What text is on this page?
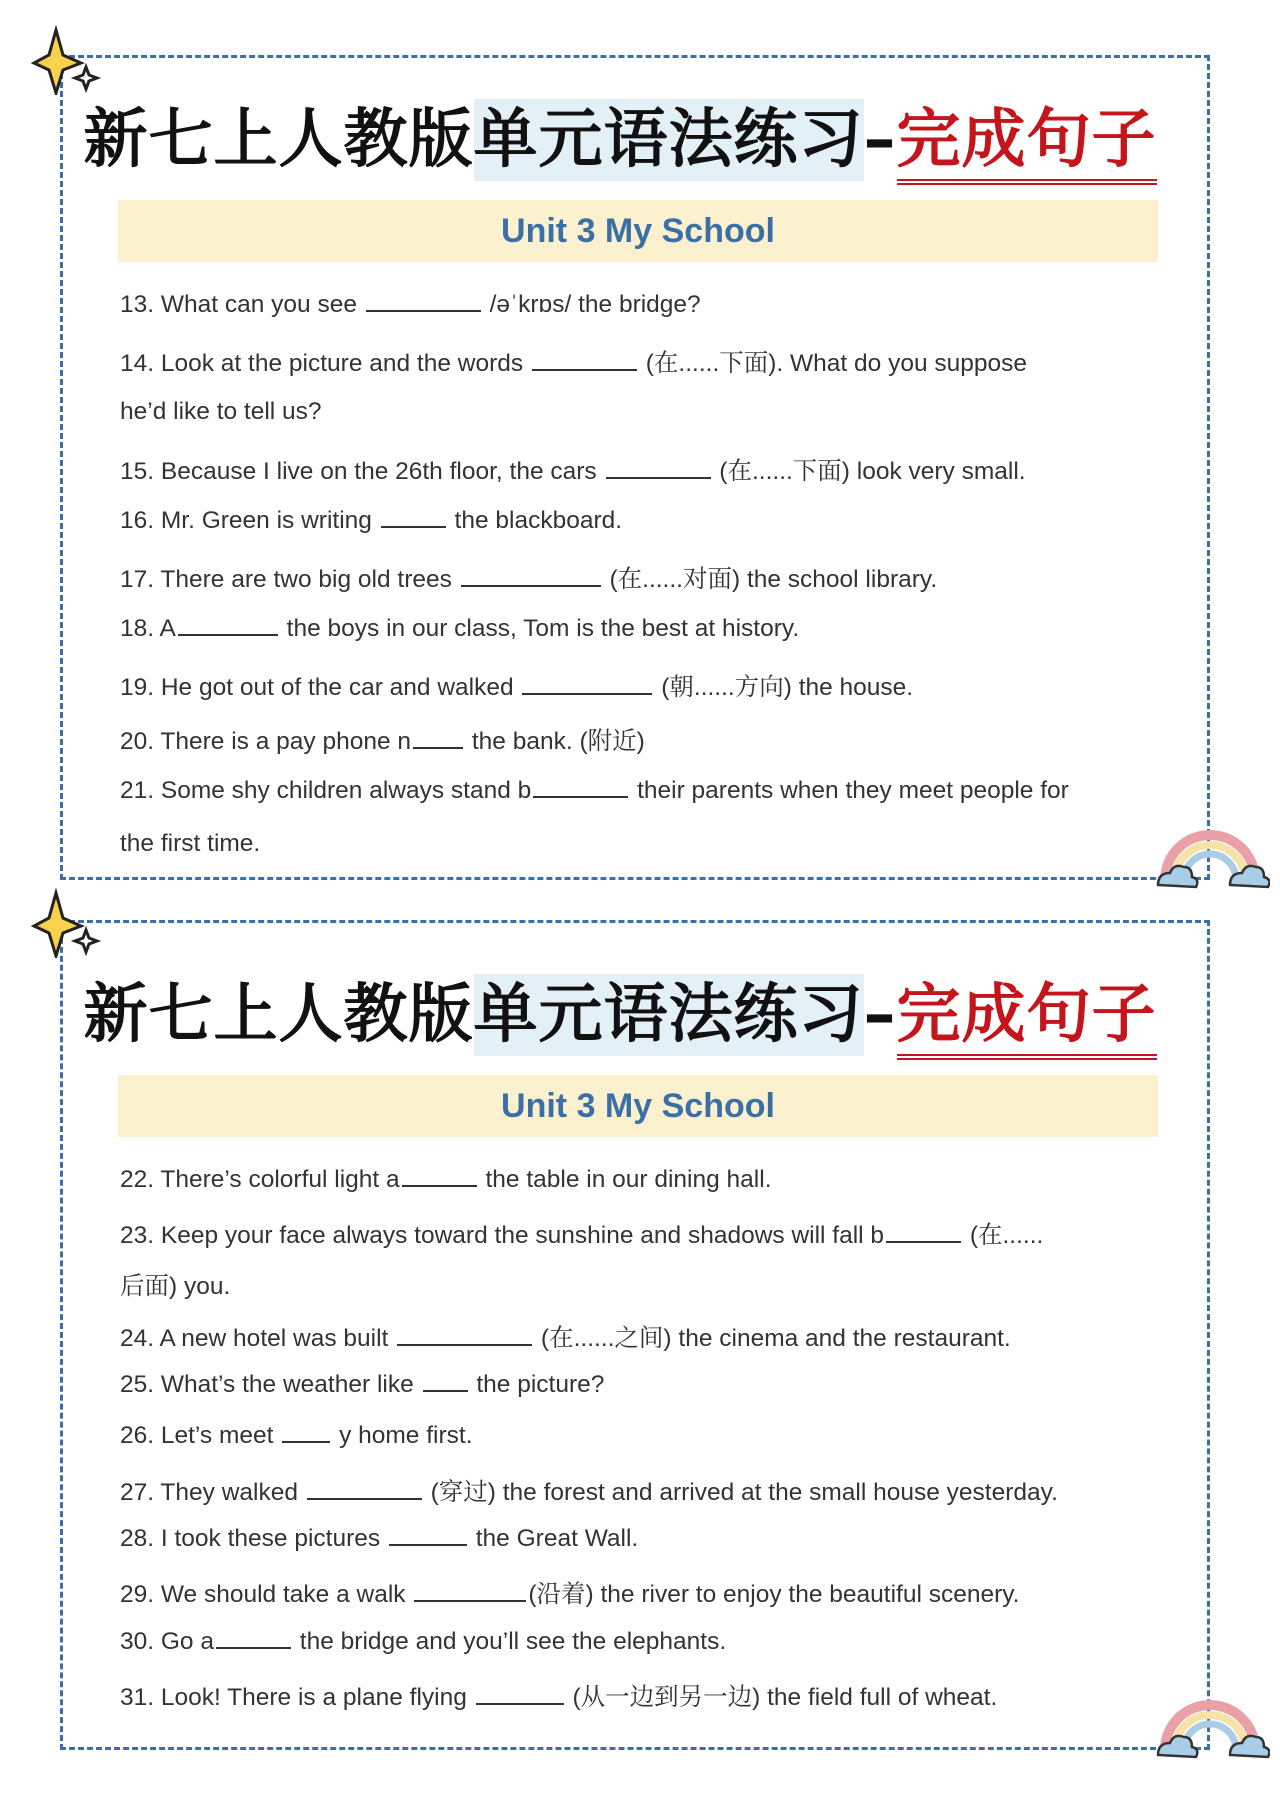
新七上人教版单元语法练习–完成句子
Unit 3 My School
13. What can you see	/əˈkrɒs/ the bridge?
14. Look at the picture and the words	(在......下面). What do you suppose
he’d like to tell us?
15. Because I live on the 26th floor, the cars	(在......下面) look very small.
16. Mr. Green is writing	the blackboard.
17. There are two big old trees	(在......对面) the school library.
18. A	the boys in our class, Tom is the best at history.
19. He got out of the car and walked	(朝......方向) the house.
20. There is a pay phone n the bank. (附近)
21. Some shy children always stand b	their parents when they meet people for
the first time.
新七上人教版单元语法练习–完成句子
Unit 3 My School
22. There’s colorful light a	the table in our dining hall.
23. Keep your face always toward the sunshine and shadows will fall b	(在......
后面) you.
24. A new hotel was built	(在......之间) the cinema and the restaurant.
25. What’s the weather like  the picture?
26. Let’s meet  y home first.
27. They walked	(穿过) the forest and arrived at the small house yesterday.
28. I took these pictures	the Great Wall.
29. We should take a walk	(沿着) the river to enjoy the beautiful scenery.
30. Go a	the bridge and you’ll see the elephants.
31. Look! There is a plane flying	(从一边到另一边) the field full of wheat.
